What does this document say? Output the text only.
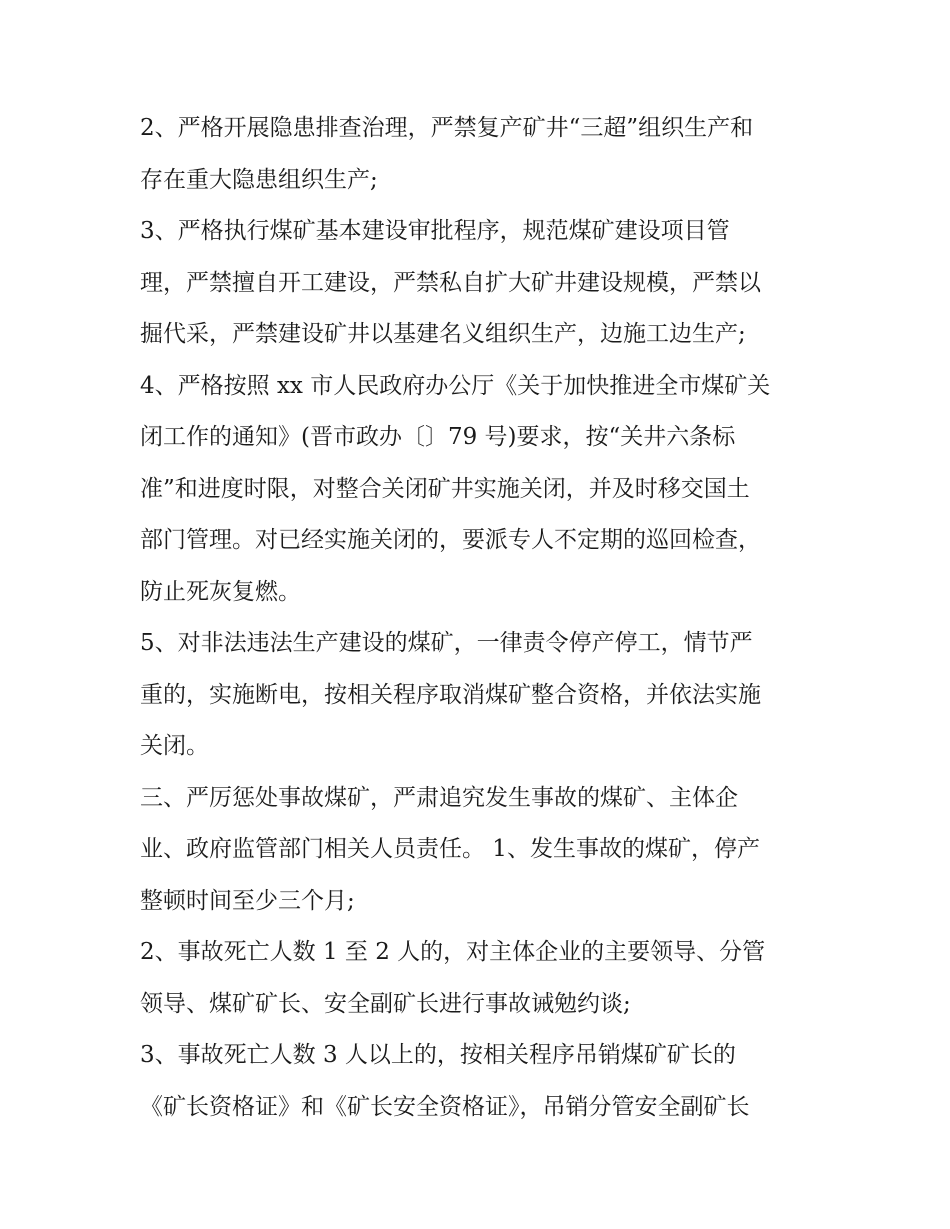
2、严格开展隐患排查治理，严禁复产矿井“三超”组织生产和
存在重大隐患组织生产;
3、严格执行煤矿基本建设审批程序，规范煤矿建设项目管
理，严禁擅自开工建设，严禁私自扩大矿井建设规模，严禁以
掘代采，严禁建设矿井以基建名义组织生产，边施工边生产;
4、严格按照 xx 市人民政府办公厅《关于加快推进全市煤矿关
闭工作的通知》(晋市政办〔〕79 号)要求，按“关井六条标
准”和进度时限，对整合关闭矿井实施关闭，并及时移交国土
部门管理。对已经实施关闭的，要派专人不定期的巡回检查，
防止死灰复燃。
5、对非法违法生产建设的煤矿，一律责令停产停工，情节严
重的，实施断电，按相关程序取消煤矿整合资格，并依法实施
关闭。
三、严厉惩处事故煤矿，严肃追究发生事故的煤矿、主体企
业、政府监管部门相关人员责任。 1、发生事故的煤矿，停产
整顿时间至少三个月;
2、事故死亡人数 1 至 2 人的，对主体企业的主要领导、分管
领导、煤矿矿长、安全副矿长进行事故诫勉约谈;
3、事故死亡人数 3 人以上的，按相关程序吊销煤矿矿长的
《矿长资格证》和《矿长安全资格证》，吊销分管安全副矿长
